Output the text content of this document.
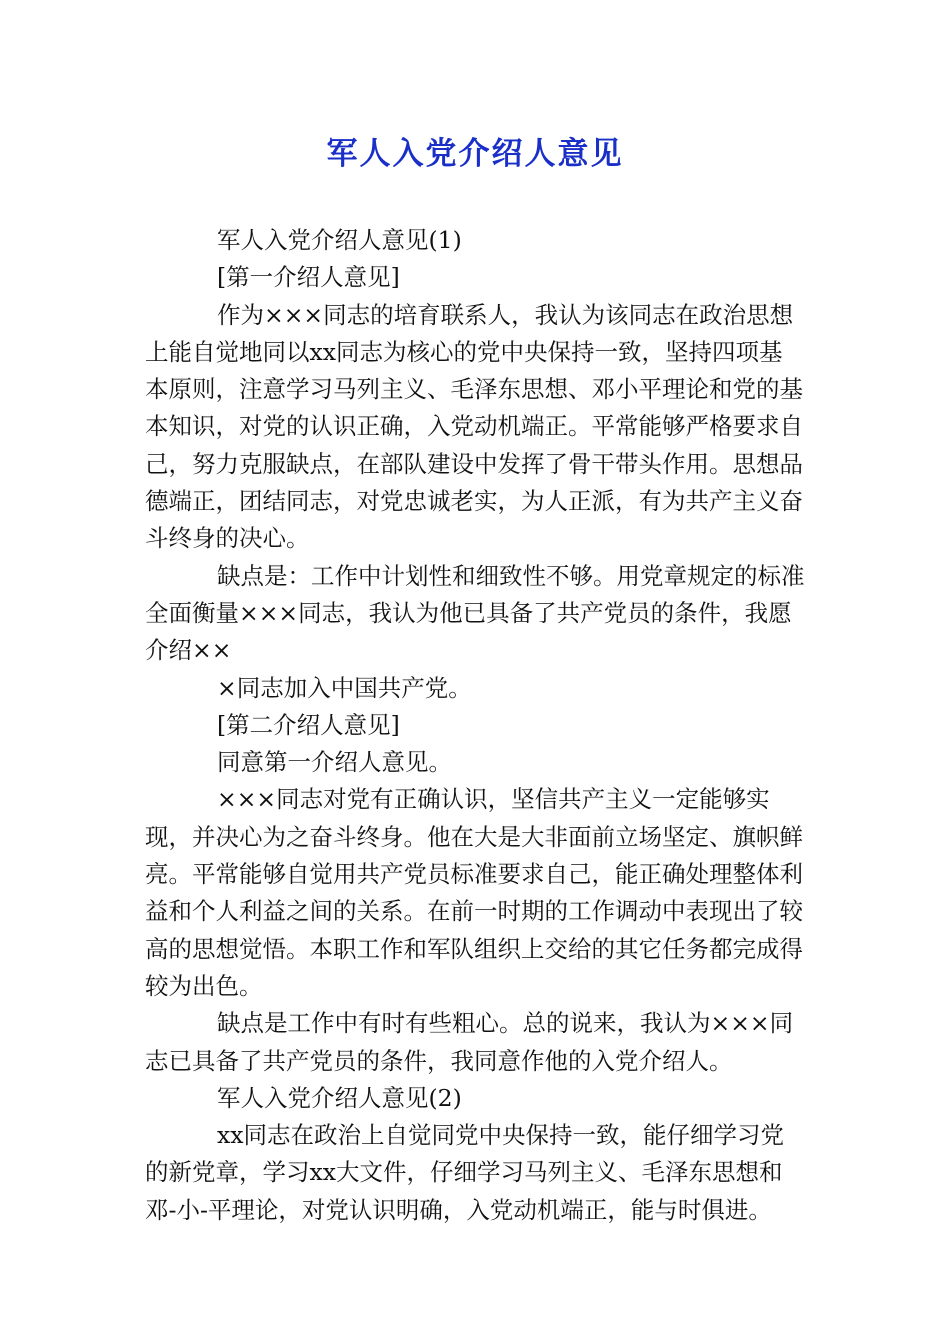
军人入党介绍人意见

军人入党介绍人意见(1)

[第一介绍人意见]

作为×××同志的培育联系人，我认为该同志在政治思想上能自觉地同以xx同志为核心的党中央保持一致，坚持四项基本原则，注意学习马列主义、毛泽东思想、邓小平理论和党的基本知识，对党的认识正确，入党动机端正。平常能够严格要求自己，努力克服缺点，在部队建设中发挥了骨干带头作用。思想品德端正，团结同志，对党忠诚老实，为人正派，有为共产主义奋斗终身的决心。

缺点是：工作中计划性和细致性不够。用党章规定的标准全面衡量×××同志，我认为他已具备了共产党员的条件，我愿介绍××

×同志加入中国共产党。

[第二介绍人意见]

同意第一介绍人意见。

×××同志对党有正确认识，坚信共产主义一定能够实现，并决心为之奋斗终身。他在大是大非面前立场坚定、旗帜鲜亮。平常能够自觉用共产党员标准要求自己，能正确处理整体利益和个人利益之间的关系。在前一时期的工作调动中表现出了较高的思想觉悟。本职工作和军队组织上交给的其它任务都完成得较为出色。

缺点是工作中有时有些粗心。总的说来，我认为×××同志已具备了共产党员的条件，我同意作他的入党介绍人。

军人入党介绍人意见(2)

xx同志在政治上自觉同党中央保持一致，能仔细学习党的新党章，学习xx大文件，仔细学习马列主义、毛泽东思想和邓-小-平理论，对党认识明确，入党动机端正，能与时俱进。
